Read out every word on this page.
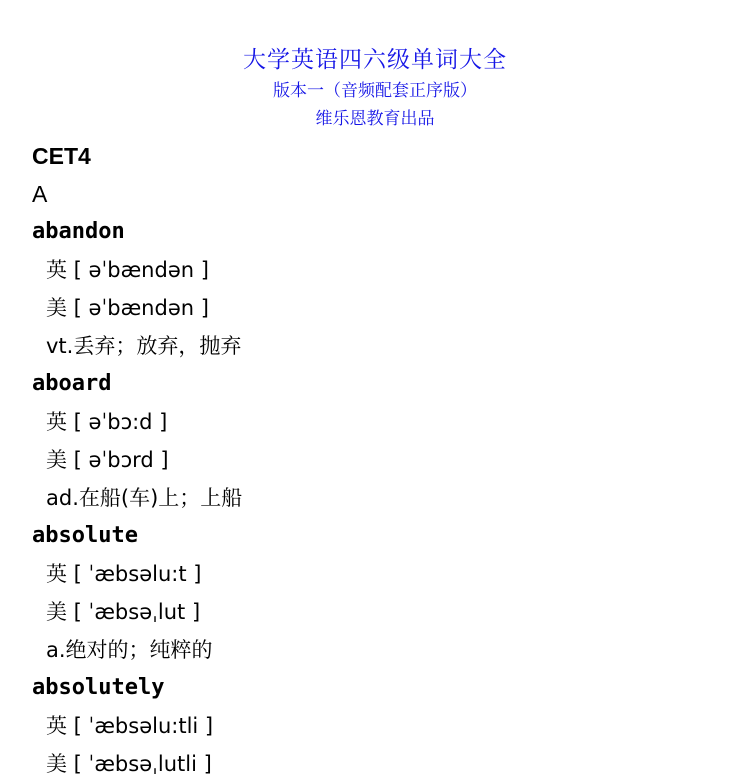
大学英语四六级单词大全
版本一（音频配套正序版）
维乐恩教育出品
CET4
A
abandon
英 [ əˈbændən ]
美 [ əˈbændən ]
vt.丢弃；放弃，抛弃
aboard
英 [ əˈbɔ:d ]
美 [ əˈbɔrd ]
ad.在船(车)上；上船
absolute
英 [ ˈæbsəlu:t ]
美 [ ˈæbsəˌlut ]
a.绝对的；纯粹的
absolutely
英 [ ˈæbsəlu:tli ]
美 [ ˈæbsəˌlutli ]
